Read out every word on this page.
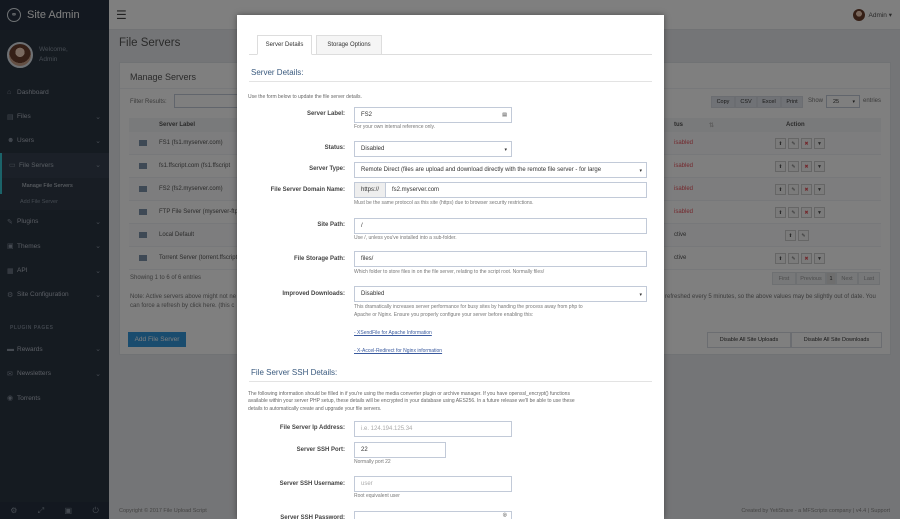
Server Details	Storage Options
Server Details:
Use the form below to update the file server details.
Server Label:	FS2	▤
For your own internal reference only.
Status:	Disabled	▾
Server Type:	Remote Direct (files are upload and download directly with the remote file server - for large	▾
File Server Domain Name:	https://	fs2.myserver.com
Must be the same protocol as this site (https) due to browser security restrictions.
Site Path:	/
Use /, unless you've installed into a sub-folder.
File Storage Path:	files/
Which folder to store files in on the file server, relating to the script root. Normally files/
Improved Downloads:	Disabled	▾
This dramatically increases server performance for busy sites by handing the process away from php to
Apache or Nginx. Ensure you properly configure your server before enabling this:
- XSendFile for Apache Information
- X-Accel-Redirect for Nginx information
File Server SSH Details:
The following information should be filled in if you're using the media converter plugin or archive manager. If you have openssl_encrypt() functions
available within your server PHP setup, these details will be encrypted in your database using AES256. In a future release we'll be able to use these
details to automatically create and upgrade your file servers.
File Server Ip Address:	i.e. 124.194.125.34
Server SSH Port:	22
Normally port 22
Server SSH Username:	user
Root equivalent user
Server SSH Password:	◎
